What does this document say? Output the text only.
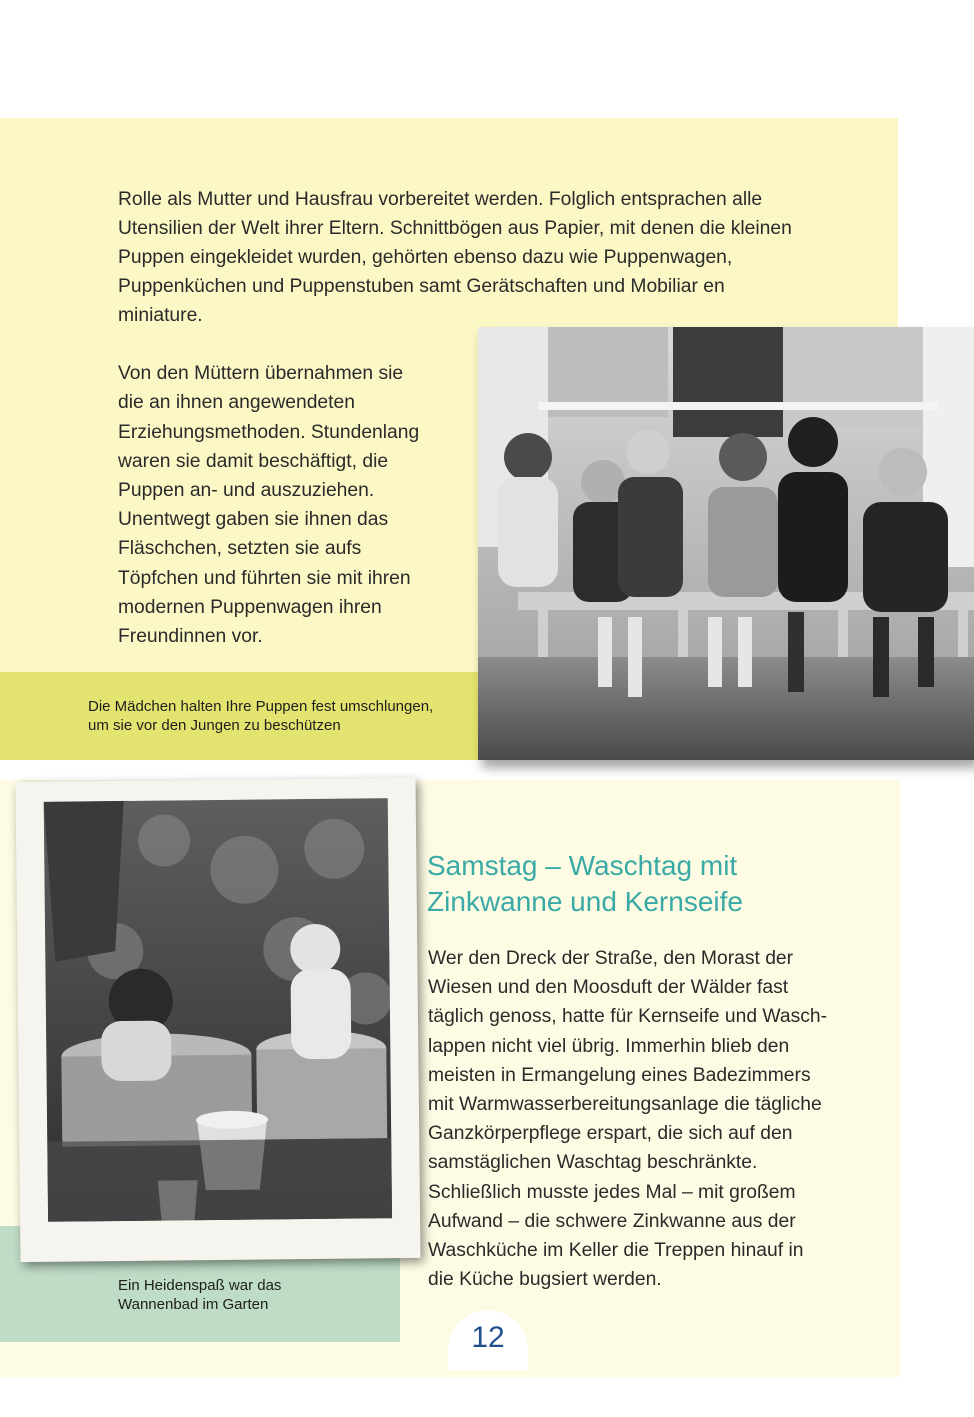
Rolle als Mutter und Hausfrau vorbereitet werden. Folglich entsprachen alle
Utensilien der Welt ihrer Eltern. Schnittbögen aus Papier, mit denen die kleinen
Puppen eingekleidet wurden, gehörten ebenso dazu wie Puppenwagen,
Puppenküchen und Puppenstuben samt Gerätschaften und Mobiliar en
miniature.

Von den Müttern übernahmen sie
die an ihnen angewendeten
Erziehungsmethoden. Stundenlang
waren sie damit beschäftigt, die
Puppen an- und auszuziehen.
Unentwegt gaben sie ihnen das
Fläschchen, setzten sie aufs
Töpfchen und führten sie mit ihren
modernen Puppenwagen ihren
Freundinnen vor.

Die Mädchen halten Ihre Puppen fest umschlungen,
um sie vor den Jungen zu beschützen
Ein Heidenspaß war das
Wannenbad im Garten
Samstag – Waschtag mit
Zinkwanne und Kernseife
Wer den Dreck der Straße, den Morast der
Wiesen und den Moosduft der Wälder fast
täglich genoss, hatte für Kernseife und Wasch-
lappen nicht viel übrig. Immerhin blieb den
meisten in Ermangelung eines Badezimmers
mit Warmwasserbereitungsanlage die tägliche
Ganzkörperpflege erspart, die sich auf den
samstäglichen Waschtag beschränkte.
Schließlich musste jedes Mal – mit großem
Aufwand – die schwere Zinkwanne aus der
Waschküche im Keller die Treppen hinauf in
die Küche bugsiert werden.
12
